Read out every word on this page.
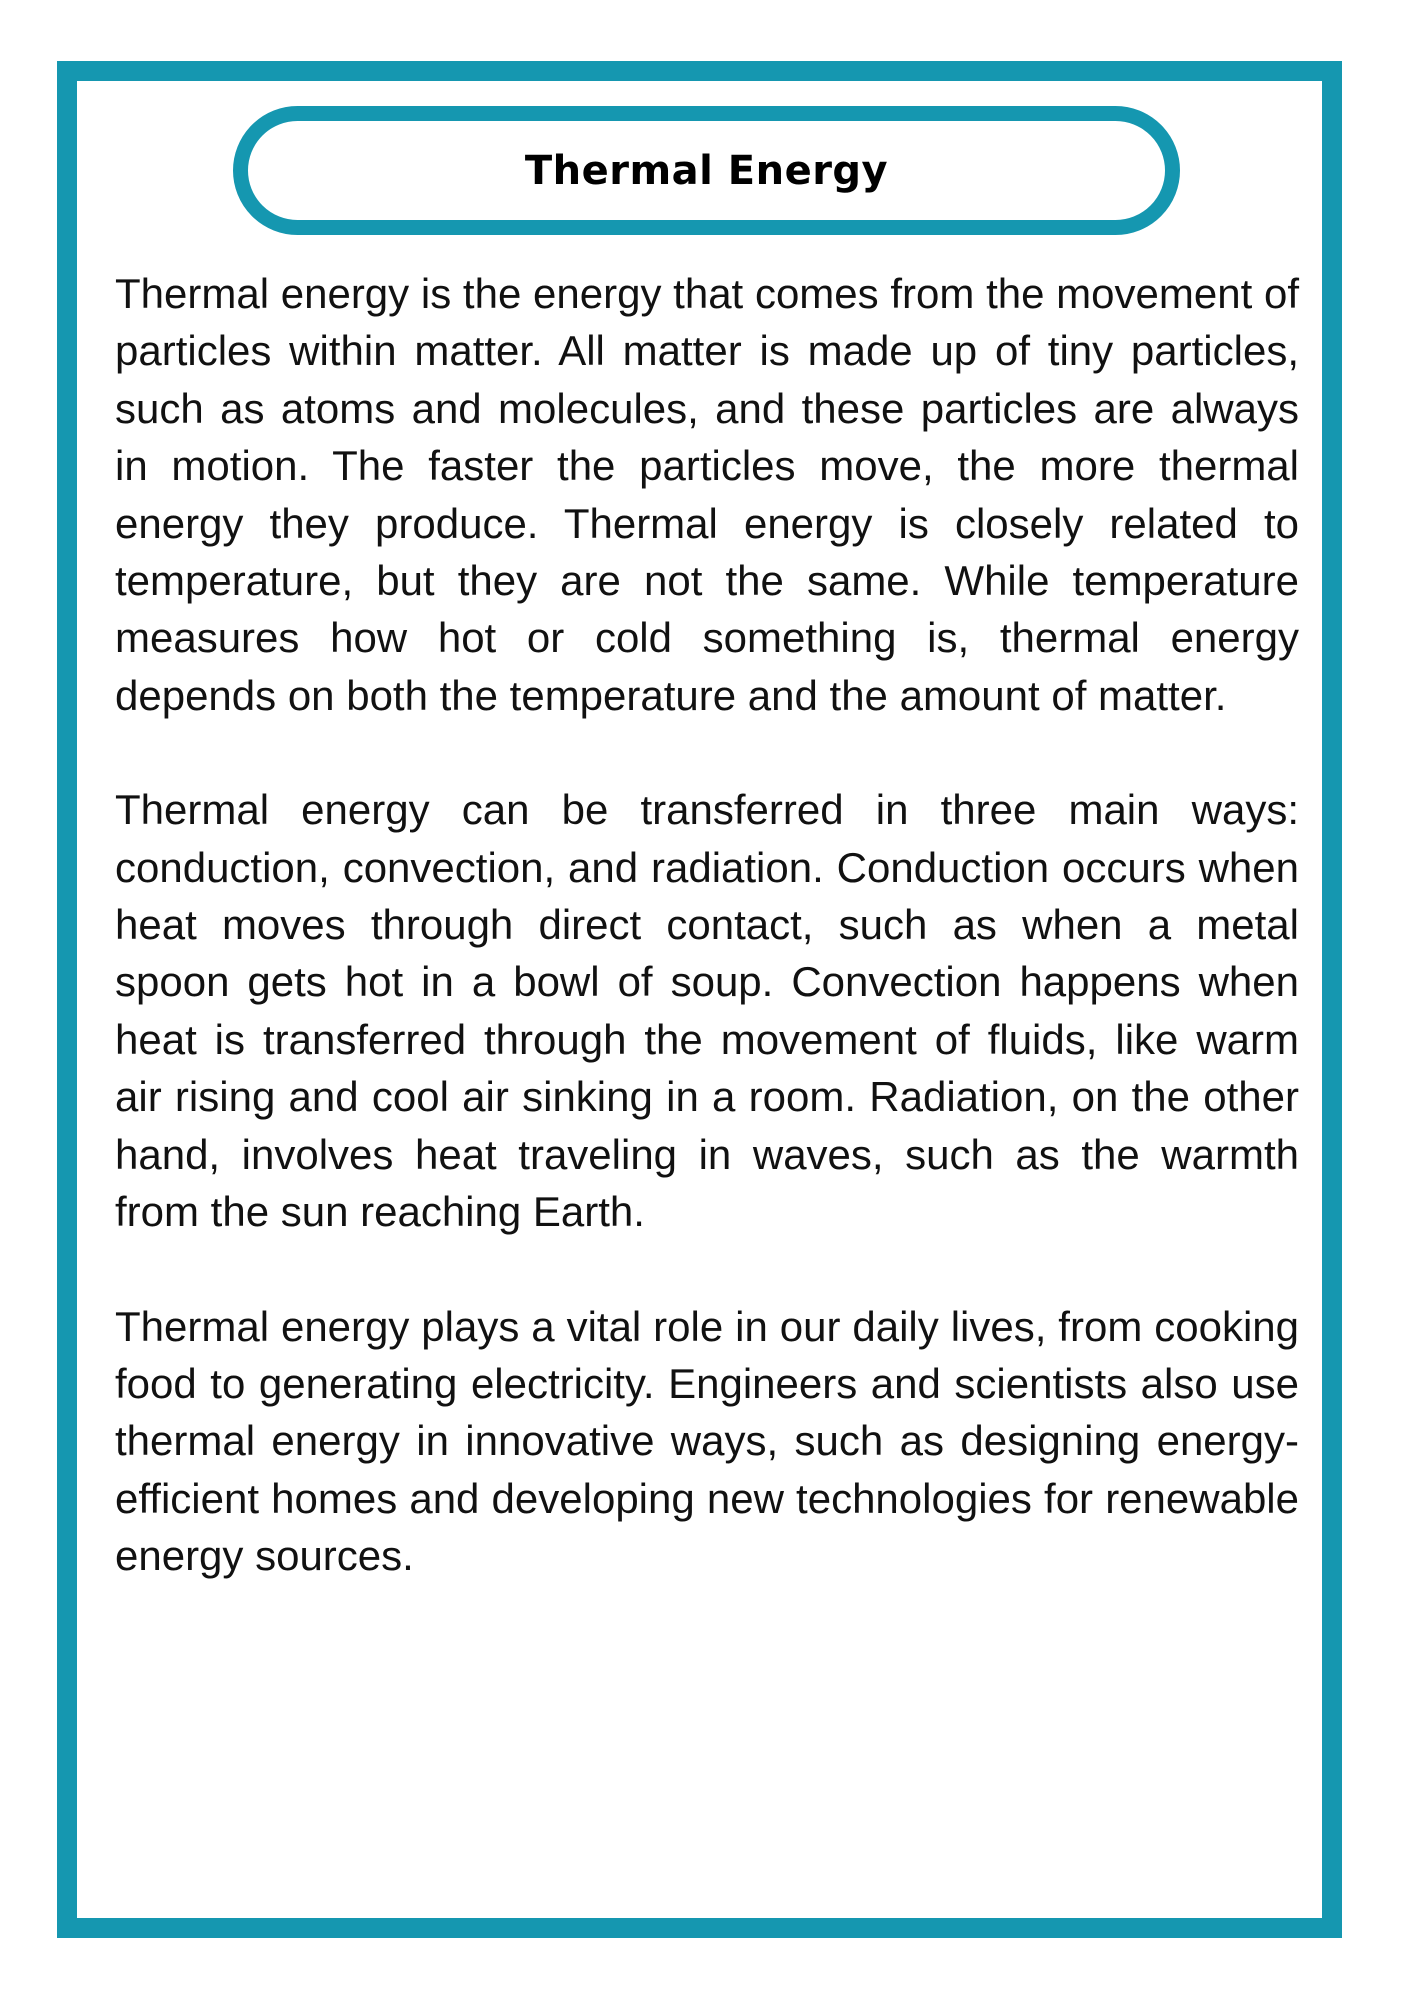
Thermal Energy

Thermal energy is the energy that comes from the movement of particles within matter. All matter is made up of tiny particles, such as atoms and molecules, and these particles are always in motion. The faster the particles move, the more thermal energy they produce. Thermal energy is closely related to temperature, but they are not the same. While temperature measures how hot or cold something is, thermal energy depends on both the temperature and the amount of matter.

Thermal energy can be transferred in three main ways: conduction, convection, and radiation. Conduction occurs when heat moves through direct contact, such as when a metal spoon gets hot in a bowl of soup. Convection happens when heat is transferred through the movement of fluids, like warm air rising and cool air sinking in a room. Radiation, on the other hand, involves heat traveling in waves, such as the warmth from the sun reaching Earth.

Thermal energy plays a vital role in our daily lives, from cooking food to generating electricity. Engineers and scientists also use thermal energy in innovative ways, such as designing energy-efficient homes and developing new technologies for renewable energy sources.
